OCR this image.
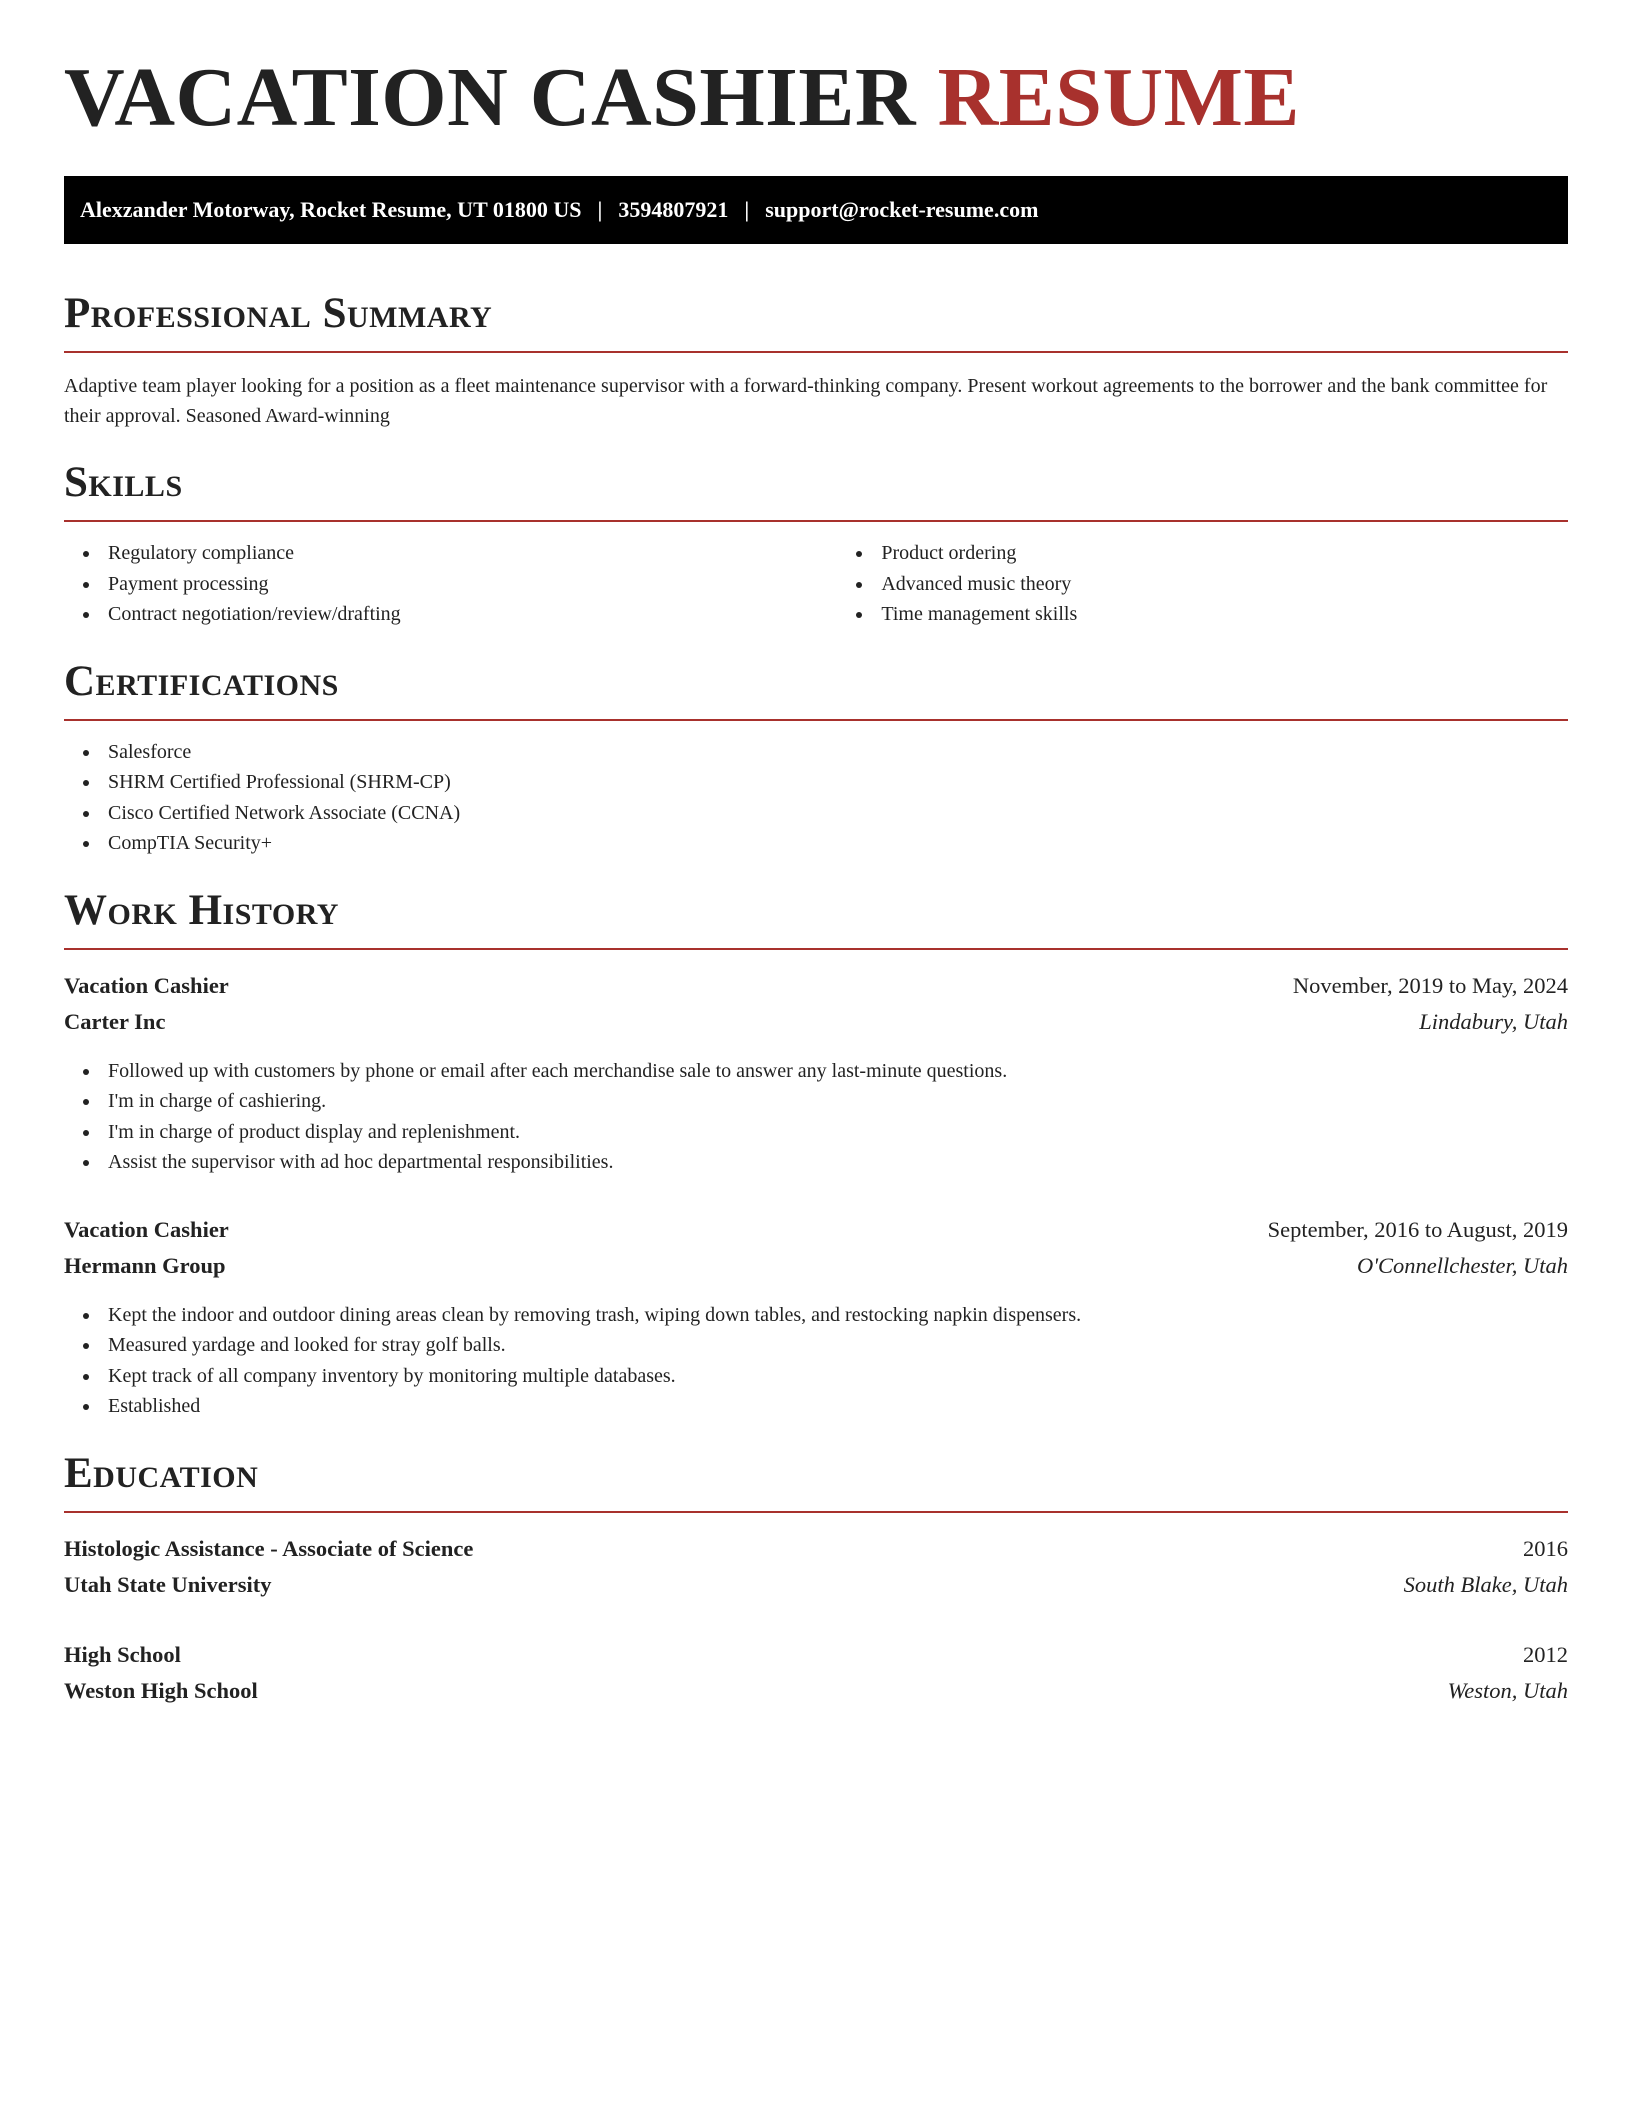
VACATION CASHIER RESUME
Alexzander Motorway, Rocket Resume, UT 01800 US | 3594807921 | support@rocket-resume.com
Professional Summary

Adaptive team player looking for a position as a fleet maintenance supervisor with a forward-thinking company. Present workout agreements to the borrower and the bank committee for their approval. Seasoned Award-winning

Skills
Regulatory compliance
Payment processing
Contract negotiation/review/drafting
Product ordering
Advanced music theory
Time management skills
Certifications
Salesforce
SHRM Certified Professional (SHRM-CP)
Cisco Certified Network Associate (CCNA)
CompTIA Security+
Work History
Vacation Cashier	November, 2019 to May, 2024
Carter Inc	Lindabury, Utah
Followed up with customers by phone or email after each merchandise sale to answer any last-minute questions.
I'm in charge of cashiering.
I'm in charge of product display and replenishment.
Assist the supervisor with ad hoc departmental responsibilities.
Vacation Cashier	September, 2016 to August, 2019
Hermann Group	O'Connellchester, Utah
Kept the indoor and outdoor dining areas clean by removing trash, wiping down tables, and restocking napkin dispensers.
Measured yardage and looked for stray golf balls.
Kept track of all company inventory by monitoring multiple databases.
Established
Education
Histologic Assistance - Associate of Science	2016
Utah State University	South Blake, Utah
High School	2012
Weston High School	Weston, Utah
